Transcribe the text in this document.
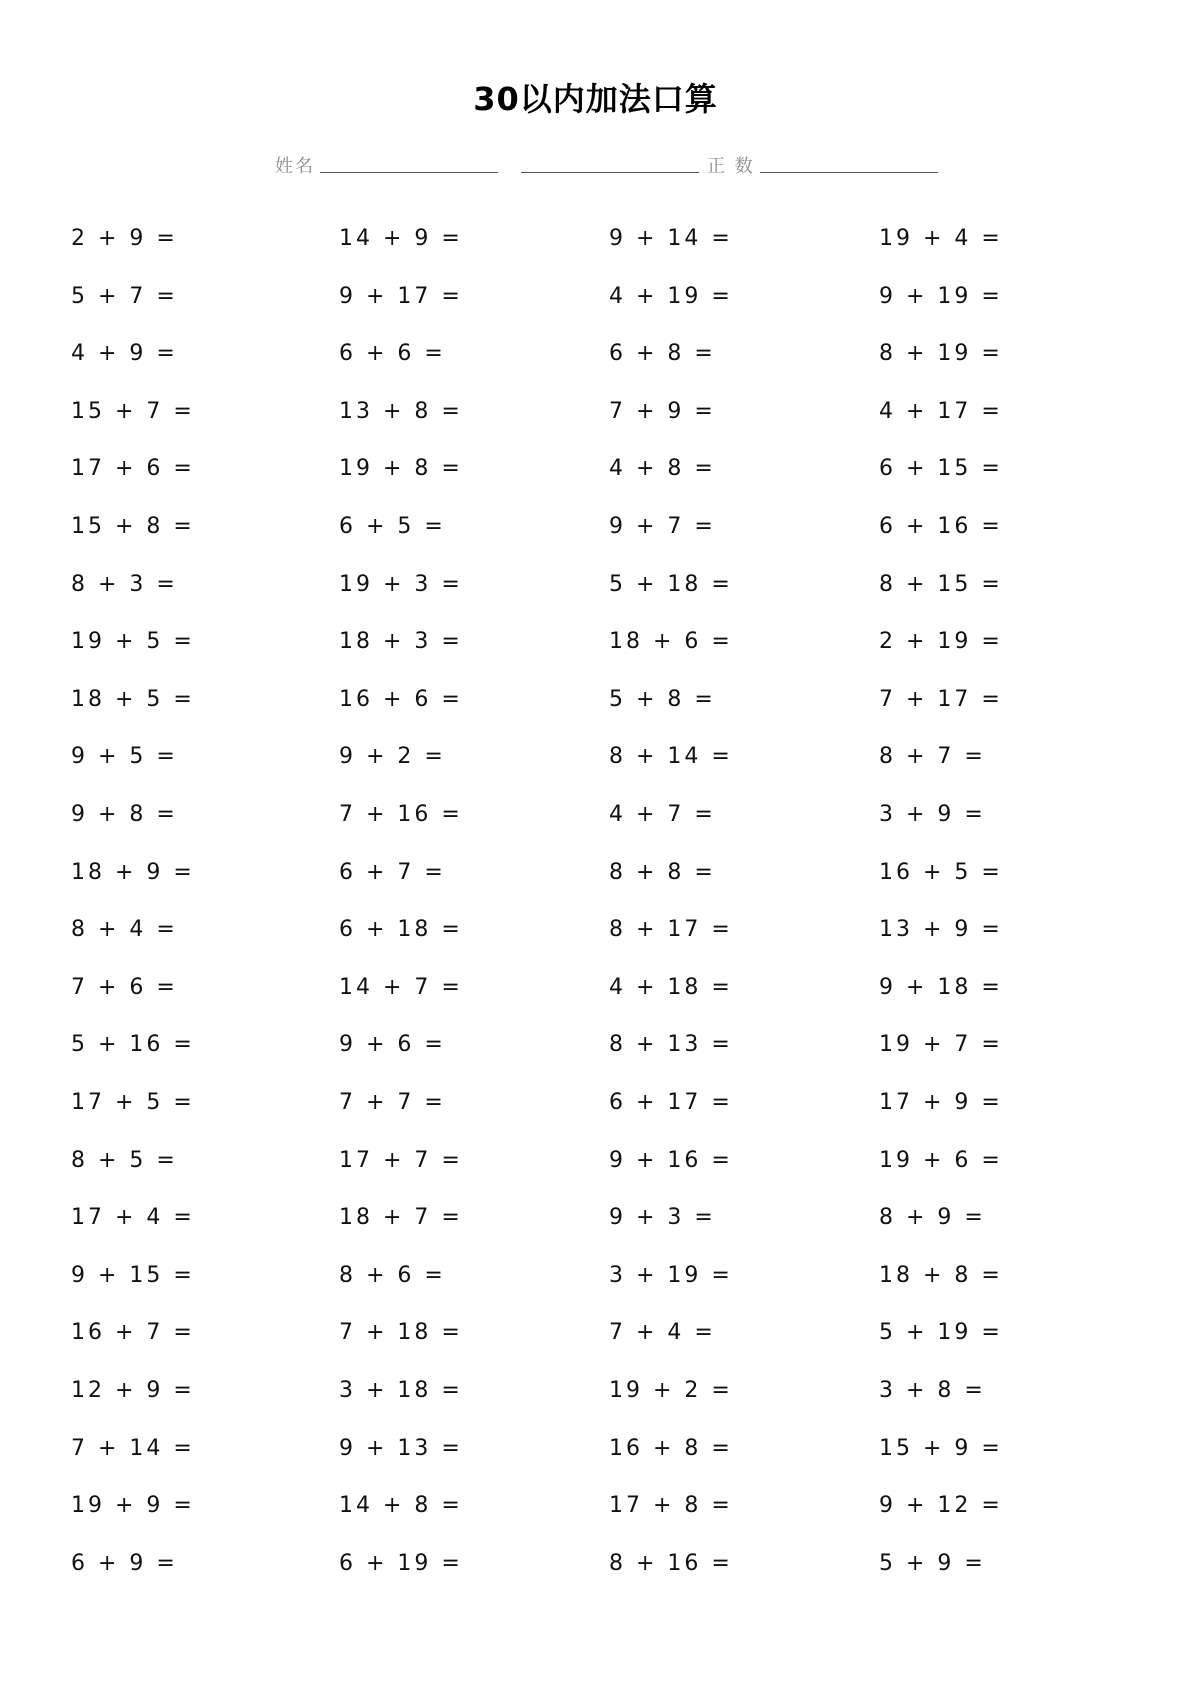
30以内加法口算
姓名	正 数
2 + 9 =
5 + 7 =
4 + 9 =
15 + 7 =
17 + 6 =
15 + 8 =
8 + 3 =
19 + 5 =
18 + 5 =
9 + 5 =
9 + 8 =
18 + 9 =
8 + 4 =
7 + 6 =
5 + 16 =
17 + 5 =
8 + 5 =
17 + 4 =
9 + 15 =
16 + 7 =
12 + 9 =
7 + 14 =
19 + 9 =
6 + 9 =
14 + 9 =
9 + 17 =
6 + 6 =
13 + 8 =
19 + 8 =
6 + 5 =
19 + 3 =
18 + 3 =
16 + 6 =
9 + 2 =
7 + 16 =
6 + 7 =
6 + 18 =
14 + 7 =
9 + 6 =
7 + 7 =
17 + 7 =
18 + 7 =
8 + 6 =
7 + 18 =
3 + 18 =
9 + 13 =
14 + 8 =
6 + 19 =
9 + 14 =
4 + 19 =
6 + 8 =
7 + 9 =
4 + 8 =
9 + 7 =
5 + 18 =
18 + 6 =
5 + 8 =
8 + 14 =
4 + 7 =
8 + 8 =
8 + 17 =
4 + 18 =
8 + 13 =
6 + 17 =
9 + 16 =
9 + 3 =
3 + 19 =
7 + 4 =
19 + 2 =
16 + 8 =
17 + 8 =
8 + 16 =
19 + 4 =
9 + 19 =
8 + 19 =
4 + 17 =
6 + 15 =
6 + 16 =
8 + 15 =
2 + 19 =
7 + 17 =
8 + 7 =
3 + 9 =
16 + 5 =
13 + 9 =
9 + 18 =
19 + 7 =
17 + 9 =
19 + 6 =
8 + 9 =
18 + 8 =
5 + 19 =
3 + 8 =
15 + 9 =
9 + 12 =
5 + 9 =
